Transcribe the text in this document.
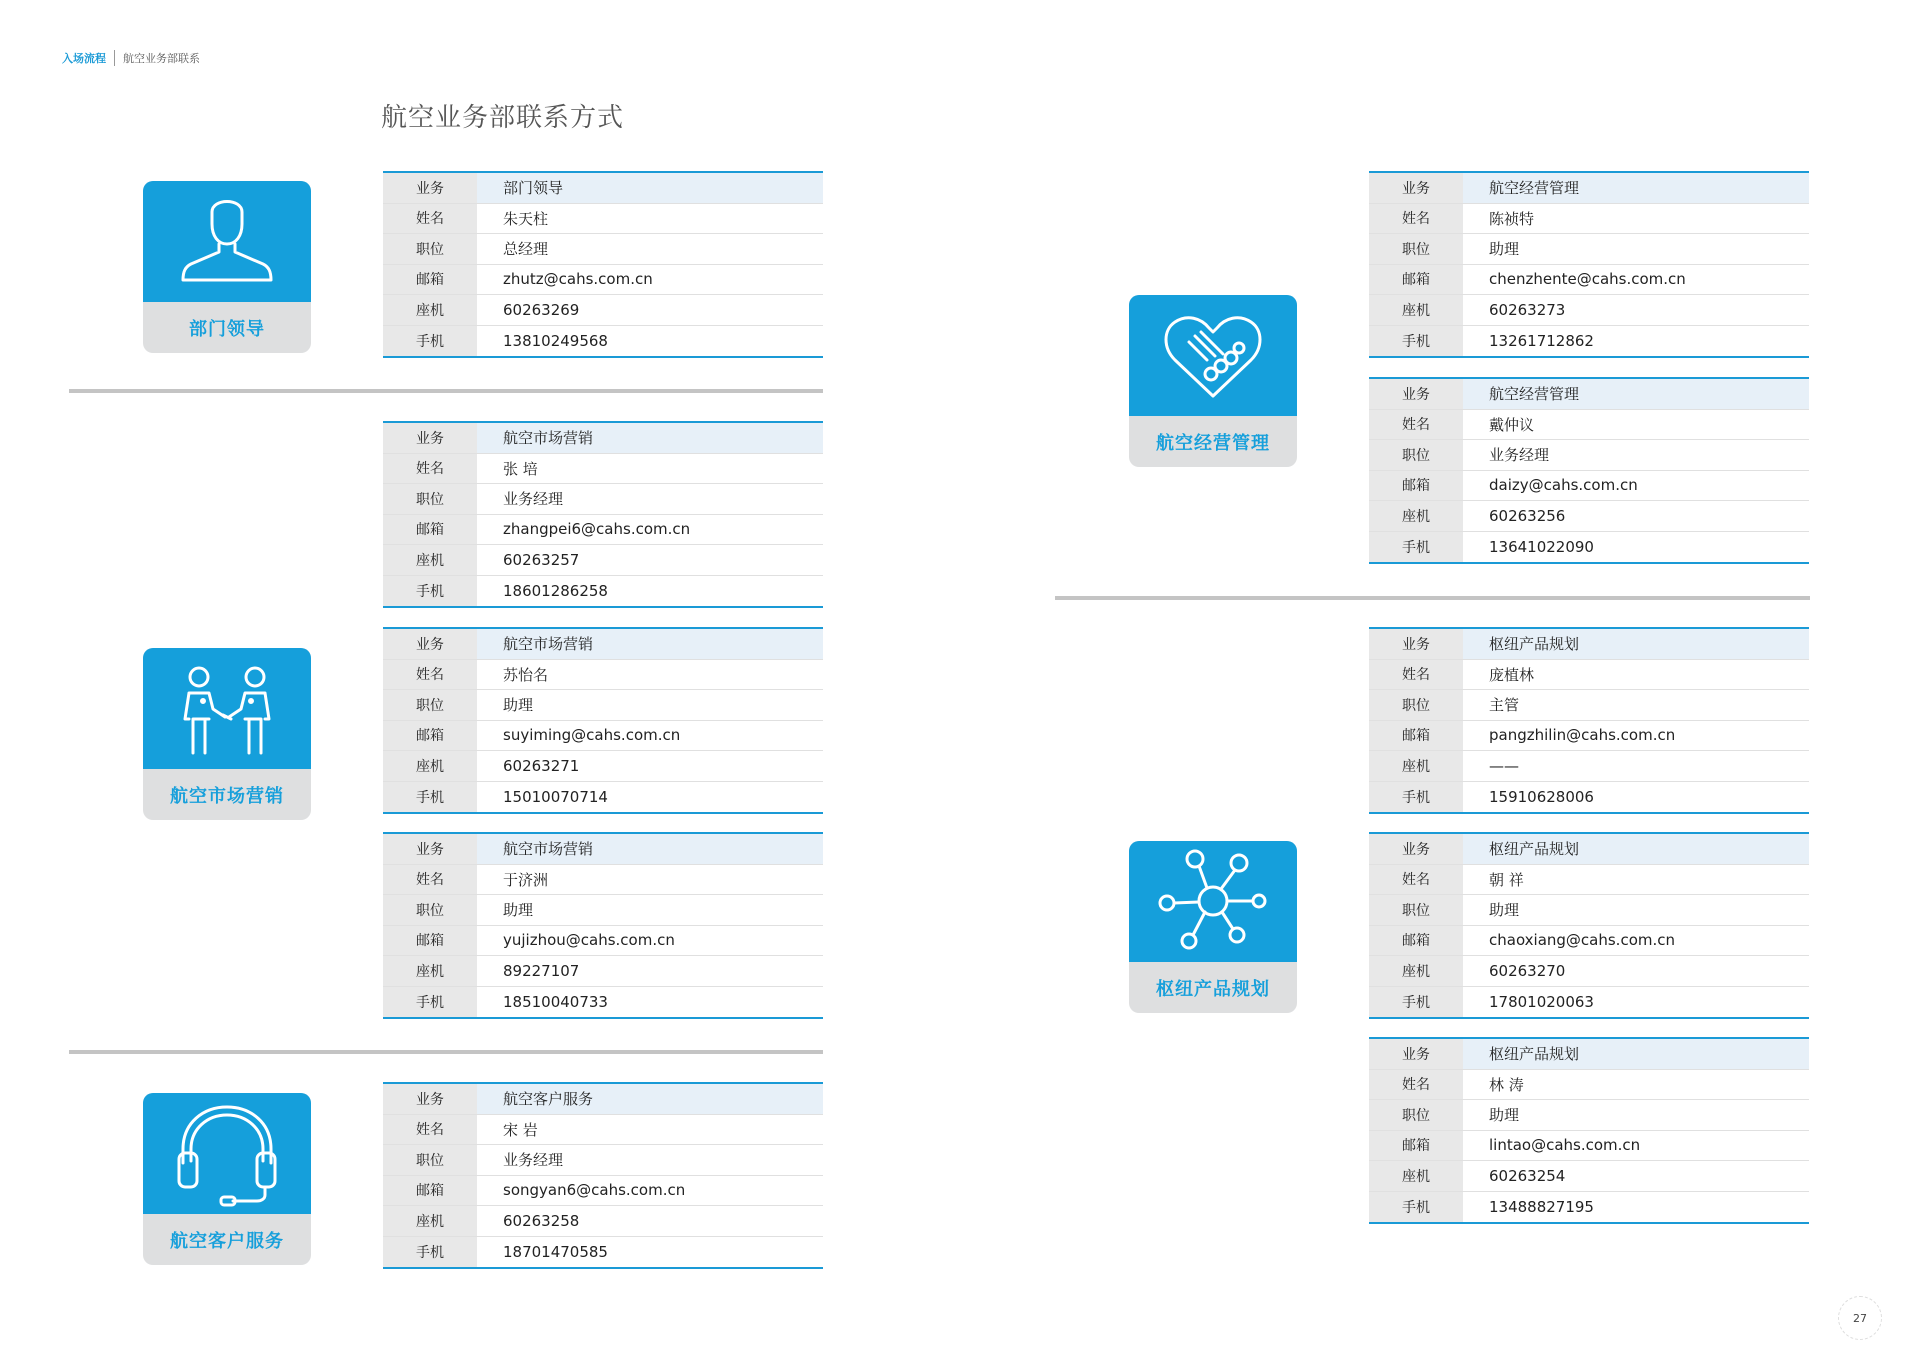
入场流程 航空业务部联系
航空业务部联系方式
部门领导
航空市场营销
航空客户服务
航空经营管理
枢纽产品规划
业务	部门领导
姓名	朱天柱
职位	总经理
邮箱	zhutz@cahs.com.cn
座机	60263269
手机	13810249568
业务	航空市场营销
姓名	张 培
职位	业务经理
邮箱	zhangpei6@cahs.com.cn
座机	60263257
手机	18601286258
业务	航空市场营销
姓名	苏怡名
职位	助理
邮箱	suyiming@cahs.com.cn
座机	60263271
手机	15010070714
业务	航空市场营销
姓名	于济洲
职位	助理
邮箱	yujizhou@cahs.com.cn
座机	89227107
手机	18510040733
业务	航空客户服务
姓名	宋 岩
职位	业务经理
邮箱	songyan6@cahs.com.cn
座机	60263258
手机	18701470585
业务	航空经营管理
姓名	陈祯特
职位	助理
邮箱	chenzhente@cahs.com.cn
座机	60263273
手机	13261712862
业务	航空经营管理
姓名	戴仲议
职位	业务经理
邮箱	daizy@cahs.com.cn
座机	60263256
手机	13641022090
业务	枢纽产品规划
姓名	庞植林
职位	主管
邮箱	pangzhilin@cahs.com.cn
座机	——
手机	15910628006
业务	枢纽产品规划
姓名	朝 祥
职位	助理
邮箱	chaoxiang@cahs.com.cn
座机	60263270
手机	17801020063
业务	枢纽产品规划
姓名	林 涛
职位	助理
邮箱	lintao@cahs.com.cn
座机	60263254
手机	13488827195
27
